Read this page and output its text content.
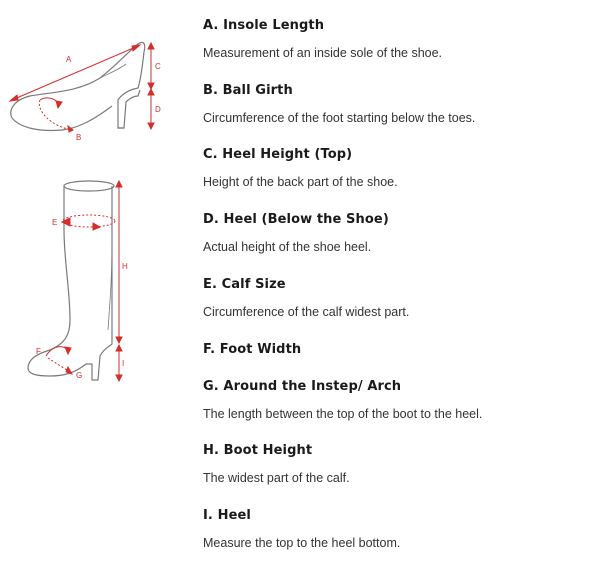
A
B
C
D
E
H
I
F
G
A. Insole Length
Measurement of an inside sole of the shoe.
B. Ball Girth
Circumference of the foot starting below the toes.
C. Heel Height (Top)
Height of the back part of the shoe.
D. Heel (Below the Shoe)
Actual height of the shoe heel.
E. Calf Size
Circumference of the calf widest part.
F. Foot Width
G. Around the Instep/ Arch
The length between the top of the boot to the heel.
H. Boot Height
The widest part of the calf.
I. Heel
Measure the top to the heel bottom.
